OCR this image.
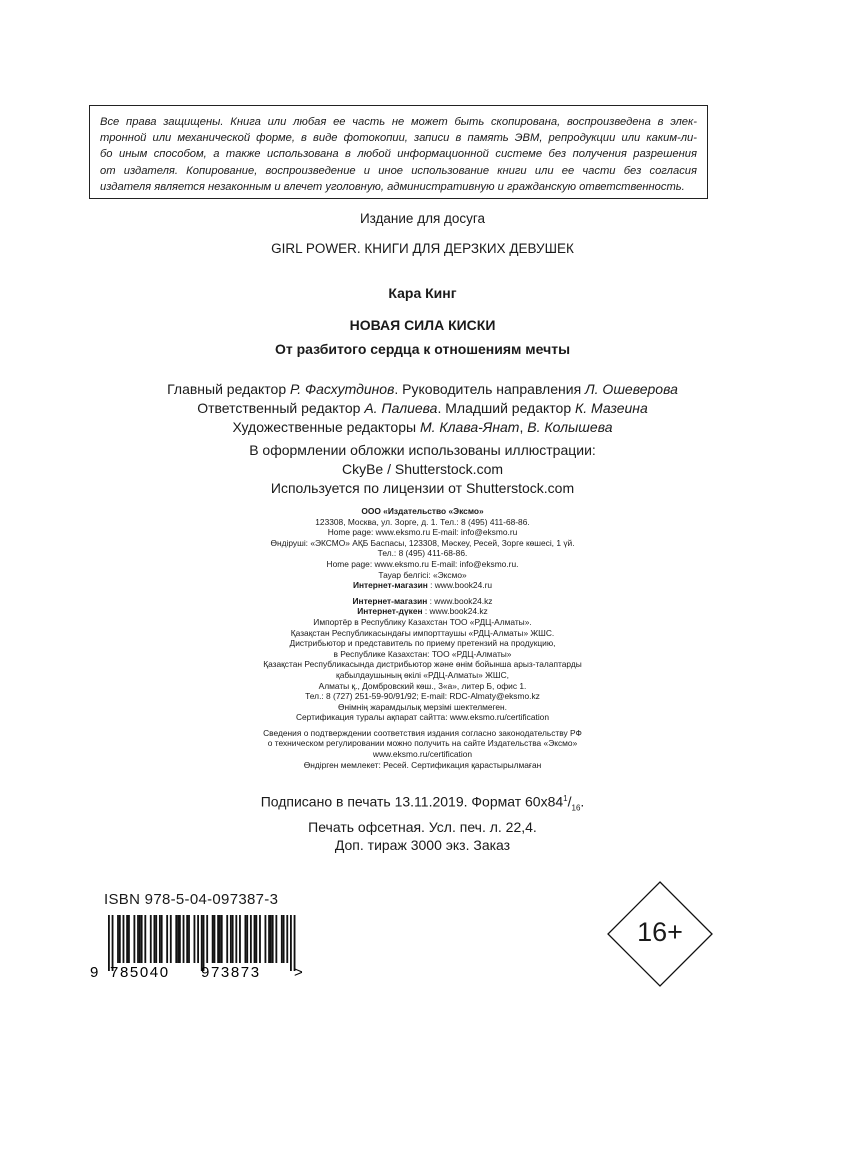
Все права защищены. Книга или любая ее часть не может быть скопирована, воспроизведена в элек-
тронной или механической форме, в виде фотокопии, записи в память ЭВМ, репродукции или каким-ли-
бо иным способом, а также использована в любой информационной системе без получения разрешения
от издателя. Копирование, воспроизведение и иное использование книги или ее части без согласия
издателя является незаконным и влечет уголовную, административную и гражданскую ответственность.
Издание для досуга
GIRL POWER. КНИГИ ДЛЯ ДЕРЗКИХ ДЕВУШЕК
Кара Кинг
НОВАЯ СИЛА КИСКИ
От разбитого сердца к отношениям мечты
Главный редактор Р. Фасхутдинов. Руководитель направления Л. Ошеверова
Ответственный редактор А. Палиева. Младший редактор К. Мазеина
Художественные редакторы М. Клава-Янат, В. Колышева
В оформлении обложки использованы иллюстрации:
CkyBe / Shutterstock.com
Используется по лицензии от Shutterstock.com
ООО «Издательство «Эксмо»
123308, Москва, ул. Зорге, д. 1. Тел.: 8 (495) 411-68-86.
Home page: www.eksmo.ru E-mail: info@eksmo.ru
Өндіруші: «ЭКСМО» АҚБ Баспасы, 123308, Мәскеу, Ресей, Зорге көшесі, 1 үй.
Тел.: 8 (495) 411-68-86.
Home page: www.eksmo.ru E-mail: info@eksmo.ru.
Тауар белгісі: «Эксмо»
Интернет-магазин : www.book24.ru
Интернет-магазин : www.book24.kz
Интернет-дүкен : www.book24.kz
Импортёр в Республику Казахстан ТОО «РДЦ-Алматы».
Қазақстан Республикасындағы импорттаушы «РДЦ-Алматы» ЖШС.
Дистрибьютор и представитель по приему претензий на продукцию,
в Республике Казахстан: ТОО «РДЦ-Алматы»
Қазақстан Республикасында дистрибьютор және өнім бойынша арыз-талаптарды
қабылдаушының өкілі «РДЦ-Алматы» ЖШС,
Алматы қ., Домбровский көш., 3«а», литер Б, офис 1.
Тел.: 8 (727) 251-59-90/91/92; E-mail: RDC-Almaty@eksmo.kz
Өнімнің жарамдылық мерзімі шектелмеген.
Сертификация туралы ақпарат сайтта: www.eksmo.ru/certification
Сведения о подтверждении соответствия издания согласно законодательству РФ
о техническом регулировании можно получить на сайте Издательства «Эксмо»
www.eksmo.ru/certification
Өндірген мемлекет: Ресей. Сертификация қарастырылмаған
Подписано в печать 13.11.2019. Формат $60x84^1/_{16}$.
Печать офсетная. Усл. печ. л. 22,4.
Доп. тираж 3000 экз. Заказ
ISBN 978-5-04-097387-3
9 785040 973873 >
16+
